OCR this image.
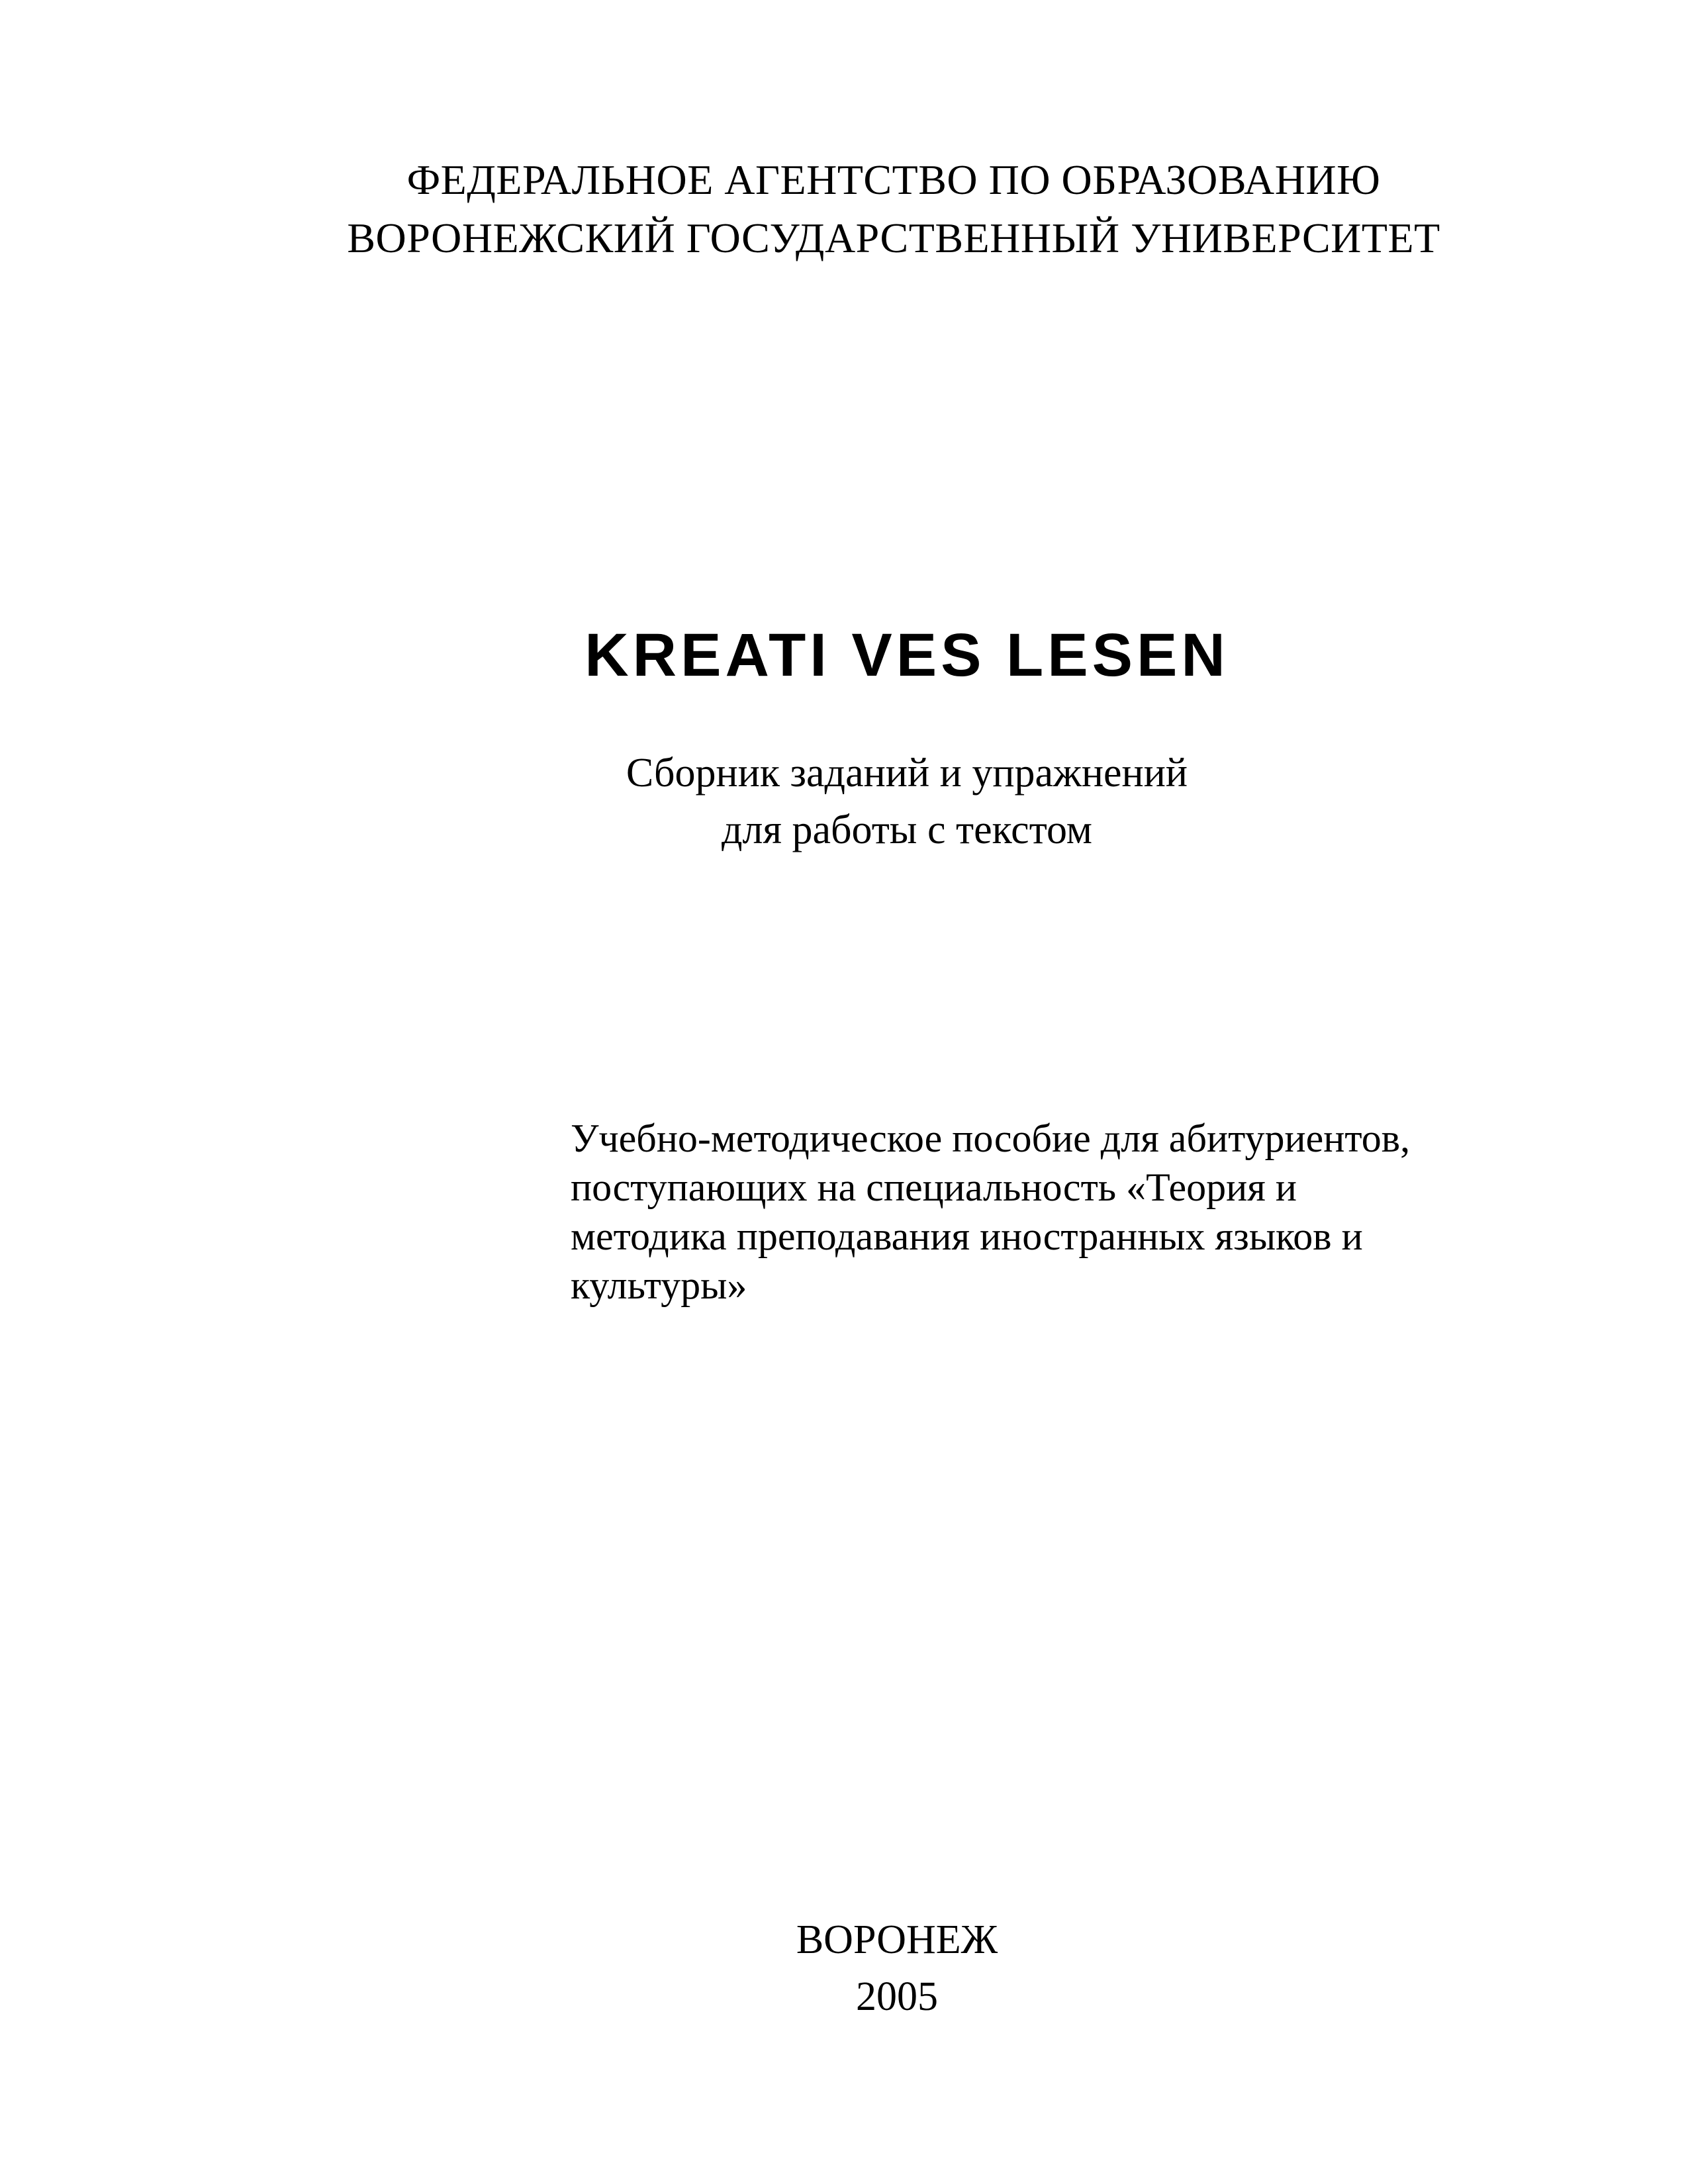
ФЕДЕРАЛЬНОЕ АГЕНТСТВО ПО ОБРАЗОВАНИЮ
ВОРОНЕЖСКИЙ ГОСУДАРСТВЕННЫЙ УНИВЕРСИТЕТ
KREATI VES LESEN
Сборник заданий и упражнений
для работы с текстом
Учебно-методическое пособие для абитуриентов,
поступающих на специальность «Теория и
методика преподавания иностранных языков и
культуры»
ВОРОНЕЖ
2005
